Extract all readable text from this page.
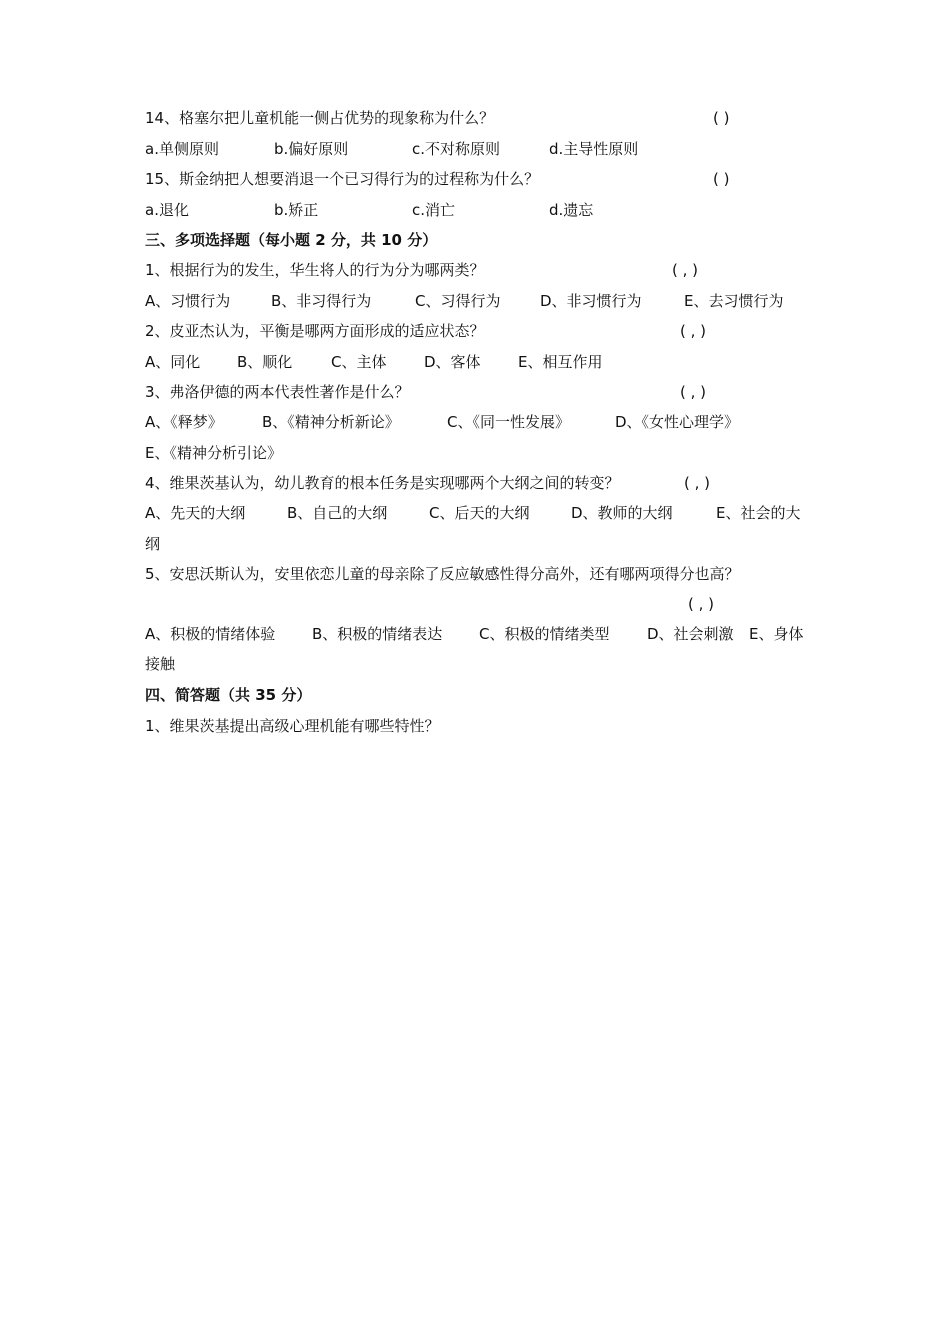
14、格塞尔把儿童机能一侧占优势的现象称为什么？	( )
a.单侧原则	b.偏好原则	c.不对称原则	d.主导性原则
15、斯金纳把人想要消退一个已习得行为的过程称为什么？	( )
a.退化	b.矫正	c.消亡	d.遗忘
三、多项选择题（每小题 2 分，共 10 分）
1、根据行为的发生，华生将人的行为分为哪两类？	( , )
A、习惯行为	B、非习得行为	C、习得行为	D、非习惯行为	E、去习惯行为
2、皮亚杰认为，平衡是哪两方面形成的适应状态？	( , )
A、同化 B、顺化	C、主体	D、客体 E、相互作用
3、弗洛伊德的两本代表性著作是什么？	( , )
A、《释梦》	B、《精神分析新论》	C、《同一性发展》	D、《女性心理学》
E、《精神分析引论》
4、维果茨基认为，幼儿教育的根本任务是实现哪两个大纲之间的转变？	( , )
A、先天的大纲	B、自己的大纲	C、后天的大纲	D、教师的大纲	E、社会的大
纲
5、安思沃斯认为，安里依恋儿童的母亲除了反应敏感性得分高外，还有哪两项得分也高？
( , )
A、积极的情绪体验 B、积极的情绪表达 C、积极的情绪类型	D、社会刺激 E、身体
接触
四、简答题（共 35 分）
1、维果茨基提出高级心理机能有哪些特性？
